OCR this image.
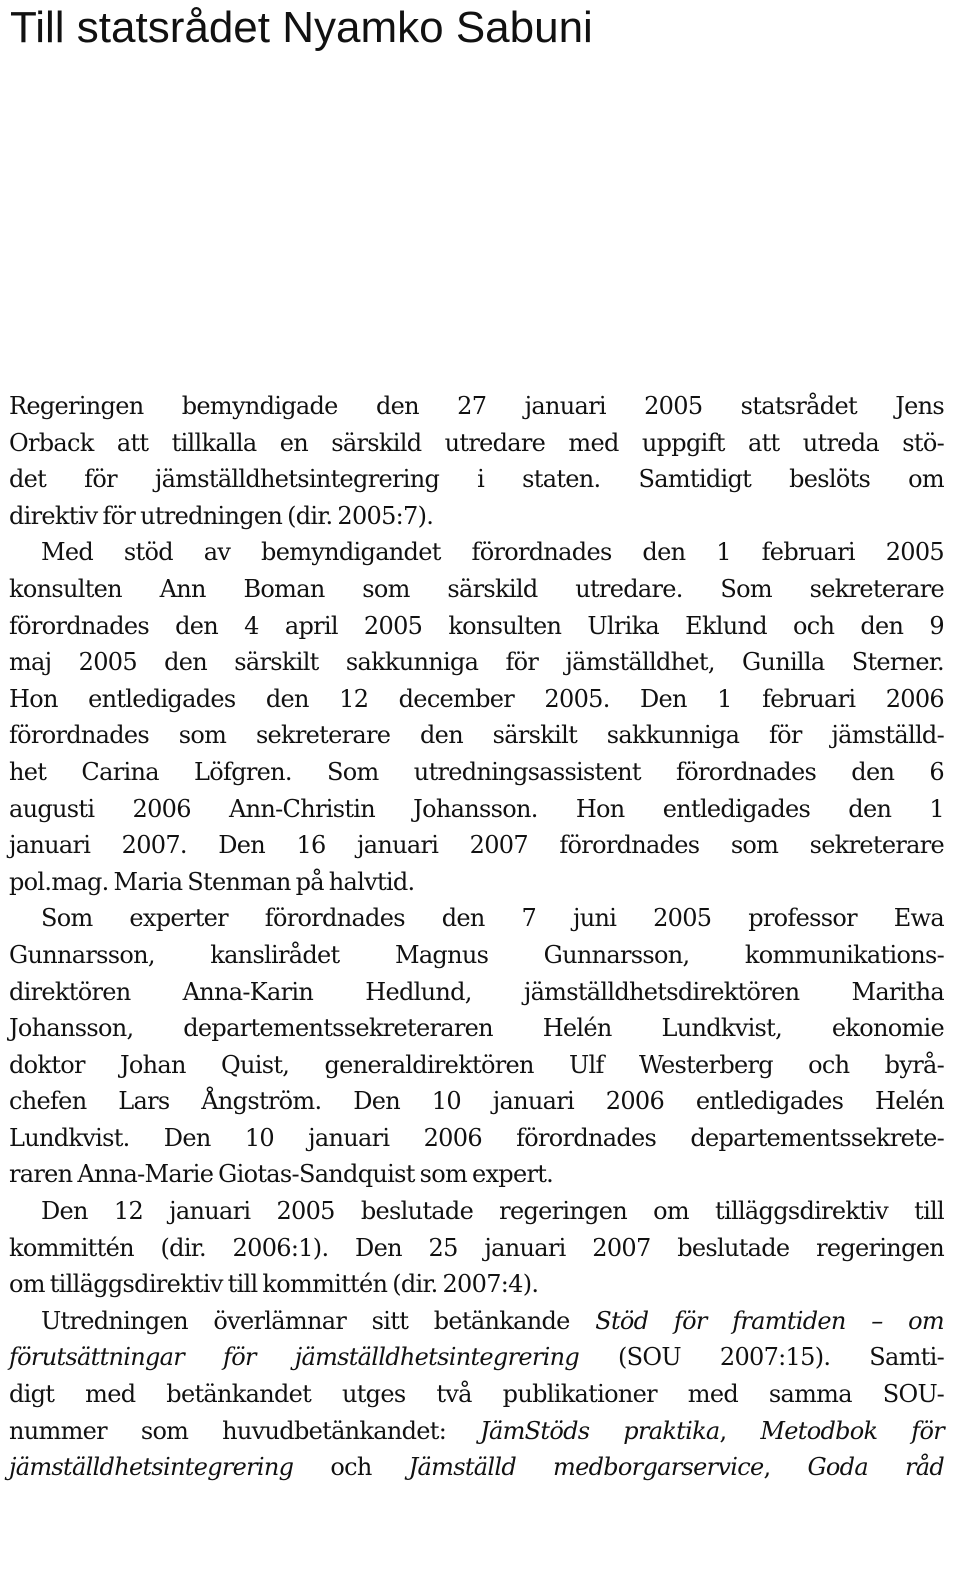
Till statsrådet Nyamko Sabuni
Regeringen bemyndigade den 27 januari 2005 statsrådet Jens
Orback att tillkalla en särskild utredare med uppgift att utreda stö-
det för jämställdhetsintegrering i staten. Samtidigt beslöts om
direktiv för utredningen (dir. 2005:7).
Med stöd av bemyndigandet förordnades den 1 februari 2005
konsulten Ann Boman som särskild utredare. Som sekreterare
förordnades den 4 april 2005 konsulten Ulrika Eklund och den 9
maj 2005 den särskilt sakkunniga för jämställdhet, Gunilla Sterner.
Hon entledigades den 12 december 2005. Den 1 februari 2006
förordnades som sekreterare den särskilt sakkunniga för jämställd-
het Carina Löfgren. Som utredningsassistent förordnades den 6
augusti 2006 Ann-Christin Johansson. Hon entledigades den 1
januari 2007. Den 16 januari 2007 förordnades som sekreterare
pol.mag. Maria Stenman på halvtid.
Som experter förordnades den 7 juni 2005 professor Ewa
Gunnarsson, kanslirådet Magnus Gunnarsson, kommunikations-
direktören Anna-Karin Hedlund, jämställdhetsdirektören Maritha
Johansson, departementssekreteraren Helén Lundkvist, ekonomie
doktor Johan Quist, generaldirektören Ulf Westerberg och byrå-
chefen Lars Ångström. Den 10 januari 2006 entledigades Helén
Lundkvist. Den 10 januari 2006 förordnades departementssekrete-
raren Anna-Marie Giotas-Sandquist som expert.
Den 12 januari 2005 beslutade regeringen om tilläggsdirektiv till
kommittén (dir. 2006:1). Den 25 januari 2007 beslutade regeringen
om tilläggsdirektiv till kommittén (dir. 2007:4).
Utredningen överlämnar sitt betänkande Stöd för framtiden – om
förutsättningar för jämställdhetsintegrering (SOU 2007:15). Samti-
digt med betänkandet utges två publikationer med samma SOU-
nummer som huvudbetänkandet: JämStöds praktika, Metodbok för
jämställdhetsintegrering och Jämställd medborgarservice, Goda råd
